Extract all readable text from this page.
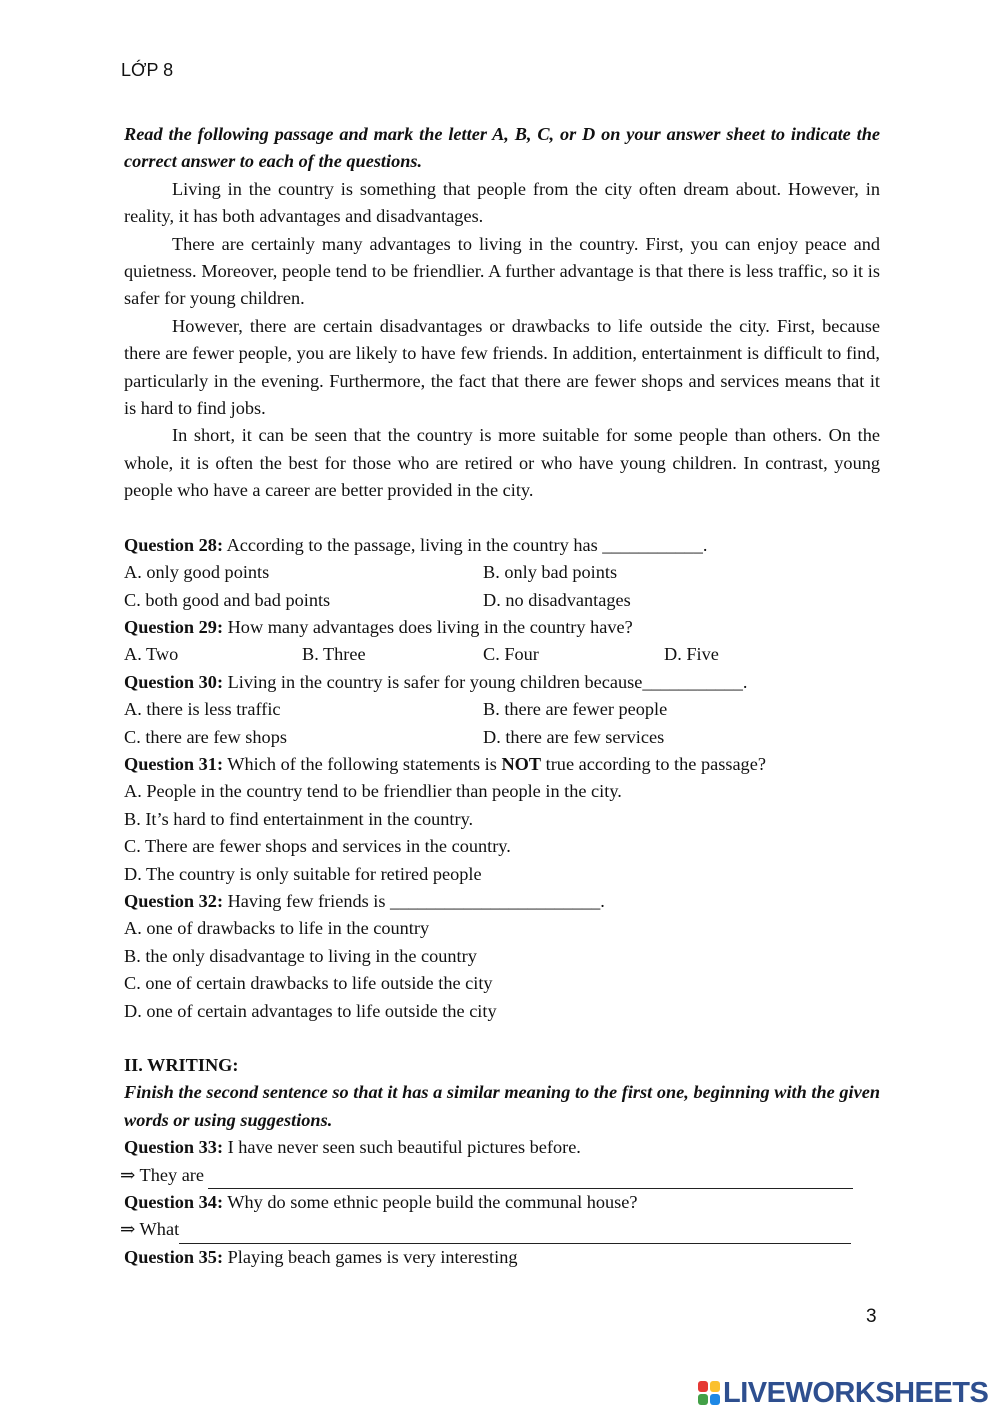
LỚP 8
Read the following passage and mark the letter A, B, C, or D on your answer sheet to indicate the correct answer to each of the questions.
Living in the country is something that people from the city often dream about. However, in reality, it has both advantages and disadvantages.
There are certainly many advantages to living in the country. First, you can enjoy peace and quietness. Moreover, people tend to be friendlier. A further advantage is that there is less traffic, so it is safer for young children.
However, there are certain disadvantages or drawbacks to life outside the city. First, because there are fewer people, you are likely to have few friends. In addition, entertainment is difficult to find, particularly in the evening. Furthermore, the fact that there are fewer shops and services means that it is hard to find jobs.
In short, it can be seen that the country is more suitable for some people than others. On the whole, it is often the best for those who are retired or who have young children. In contrast, young people who have a career are better provided in the city.
Question 28: According to the passage, living in the country has ___________.
A. only good points	B. only bad points
C. both good and bad points	D. no disadvantages
Question 29: How many advantages does living in the country have?
A. Two	B. Three	C. Four	D. Five
Question 30: Living in the country is safer for young children because___________.
A. there is less traffic	B. there are fewer people
C. there are few shops	D. there are few services
Question 31: Which of the following statements is NOT true according to the passage?
A. People in the country tend to be friendlier than people in the city.
B. It’s hard to find entertainment in the country.
C. There are fewer shops and services in the country.
D. The country is only suitable for retired people
Question 32: Having few friends is _______________________.
A. one of drawbacks to life in the country
B. the only disadvantage to living in the country
C. one of certain drawbacks to life outside the city
D. one of certain advantages to life outside the city
II. WRITING:
Finish the second sentence so that it has a similar meaning to the first one, beginning with the given words or using suggestions.
Question 33: I have never seen such beautiful pictures before.
⇒ They are
Question 34: Why do some ethnic people build the communal house?
⇒ What
Question 35: Playing beach games is very interesting
3
LIVEWORKSHEETS
